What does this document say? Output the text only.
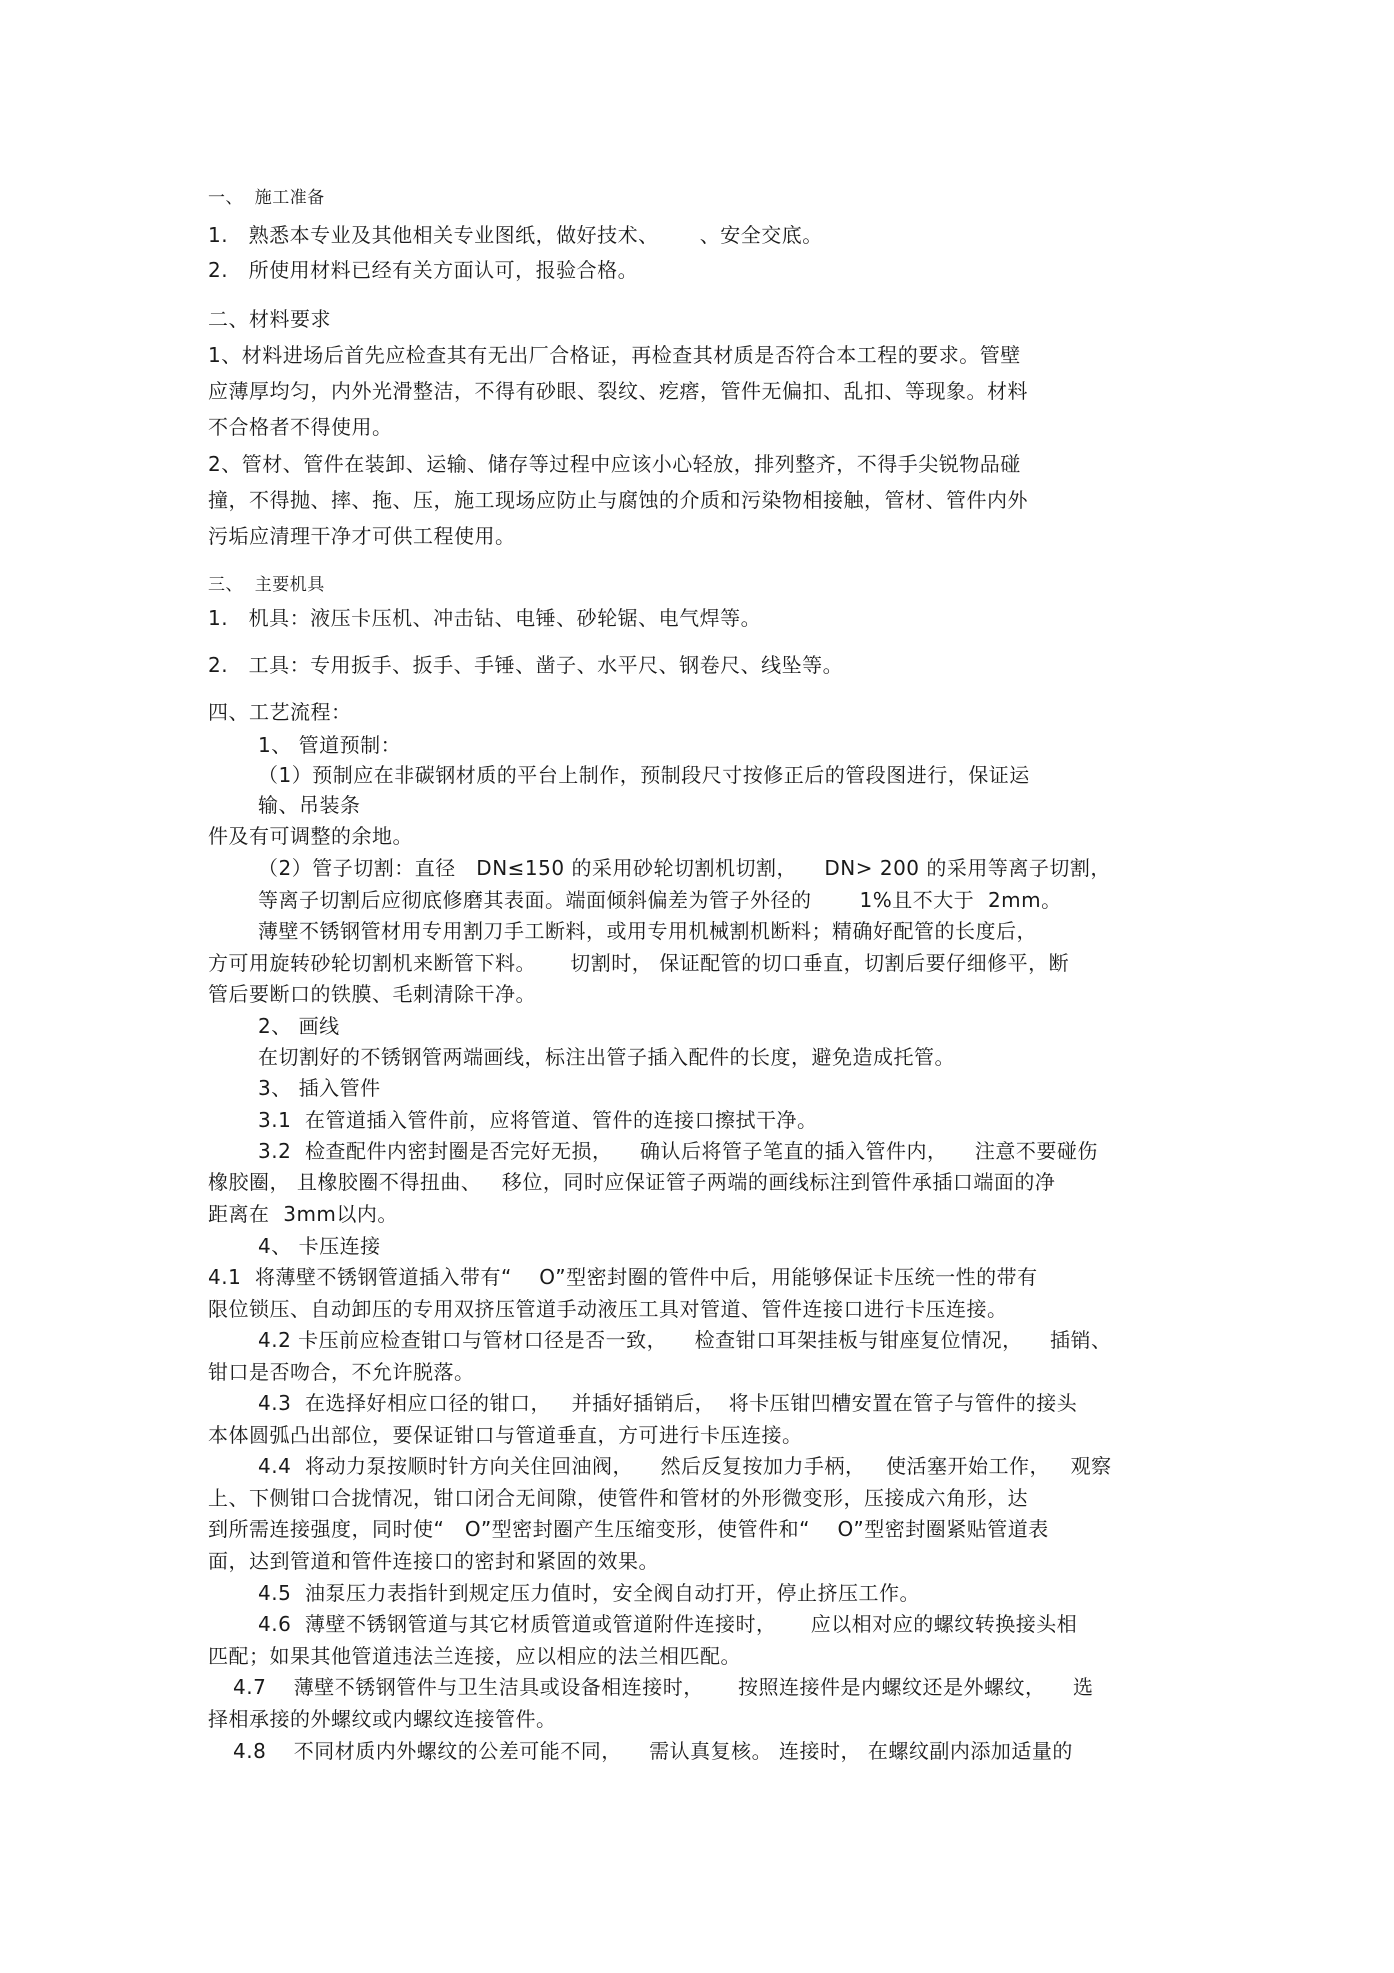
一、  施工准备
1.   熟悉本专业及其他相关专业图纸，做好技术、      、安全交底。
2.   所使用材料已经有关方面认可，报验合格。
二、材料要求
1、材料进场后首先应检查其有无出厂合格证，再检查其材质是否符合本工程的要求。管壁
应薄厚均匀，内外光滑整洁，不得有砂眼、裂纹、疙瘩，管件无偏扣、乱扣、等现象。材料
不合格者不得使用。
2、管材、管件在装卸、运输、储存等过程中应该小心轻放，排列整齐，不得手尖锐物品碰
撞，不得抛、摔、拖、压，施工现场应防止与腐蚀的介质和污染物相接触，管材、管件内外
污垢应清理干净才可供工程使用。
三、  主要机具
1.   机具：液压卡压机、冲击钻、电锤、砂轮锯、电气焊等。
2.   工具：专用扳手、扳手、手锤、凿子、水平尺、钢卷尺、线坠等。
四、工艺流程：
1、 管道预制：
（1）预制应在非碳钢材质的平台上制作，预制段尺寸按修正后的管段图进行，保证运
输、吊装条
件及有可调整的余地。
（2）管子切割：直径   DN≤150 的采用砂轮切割机切割，    DN> 200 的采用等离子切割，
等离子切割后应彻底修磨其表面。端面倾斜偏差为管子外径的       1%且不大于  2mm。
薄壁不锈钢管材用专用割刀手工断料，或用专用机械割机断料；精确好配管的长度后，
方可用旋转砂轮切割机来断管下料。     切割时， 保证配管的切口垂直，切割后要仔细修平，断
管后要断口的铁膜、毛刺清除干净。
2、 画线
在切割好的不锈钢管两端画线，标注出管子插入配件的长度，避免造成托管。
3、 插入管件
3.1  在管道插入管件前，应将管道、管件的连接口擦拭干净。
3.2  检查配件内密封圈是否完好无损，    确认后将管子笔直的插入管件内，    注意不要碰伤
橡胶圈， 且橡胶圈不得扭曲、   移位，同时应保证管子两端的画线标注到管件承插口端面的净
距离在  3mm以内。
4、 卡压连接
4.1  将薄壁不锈钢管道插入带有“    O”型密封圈的管件中后，用能够保证卡压统一性的带有
限位锁压、自动卸压的专用双挤压管道手动液压工具对管道、管件连接口进行卡压连接。
4.2 卡压前应检查钳口与管材口径是否一致，    检查钳口耳架挂板与钳座复位情况，    插销、
钳口是否吻合，不允许脱落。
4.3  在选择好相应口径的钳口，   并插好插销后，  将卡压钳凹槽安置在管子与管件的接头
本体圆弧凸出部位，要保证钳口与管道垂直，方可进行卡压连接。
4.4  将动力泵按顺时针方向关住回油阀，    然后反复按加力手柄，   使活塞开始工作，   观察
上、下侧钳口合拢情况，钳口闭合无间隙，使管件和管材的外形微变形，压接成六角形，达
到所需连接强度，同时使“   O”型密封圈产生压缩变形，使管件和“    O”型密封圈紧贴管道表
面，达到管道和管件连接口的密封和紧固的效果。
4.5  油泵压力表指针到规定压力值时，安全阀自动打开，停止挤压工作。
4.6  薄壁不锈钢管道与其它材质管道或管道附件连接时，     应以相对应的螺纹转换接头相
匹配；如果其他管道违法兰连接，应以相应的法兰相匹配。
4.7    薄壁不锈钢管件与卫生洁具或设备相连接时，     按照连接件是内螺纹还是外螺纹，    选
择相承接的外螺纹或内螺纹连接管件。
4.8    不同材质内外螺纹的公差可能不同，    需认真复核。 连接时， 在螺纹副内添加适量的
